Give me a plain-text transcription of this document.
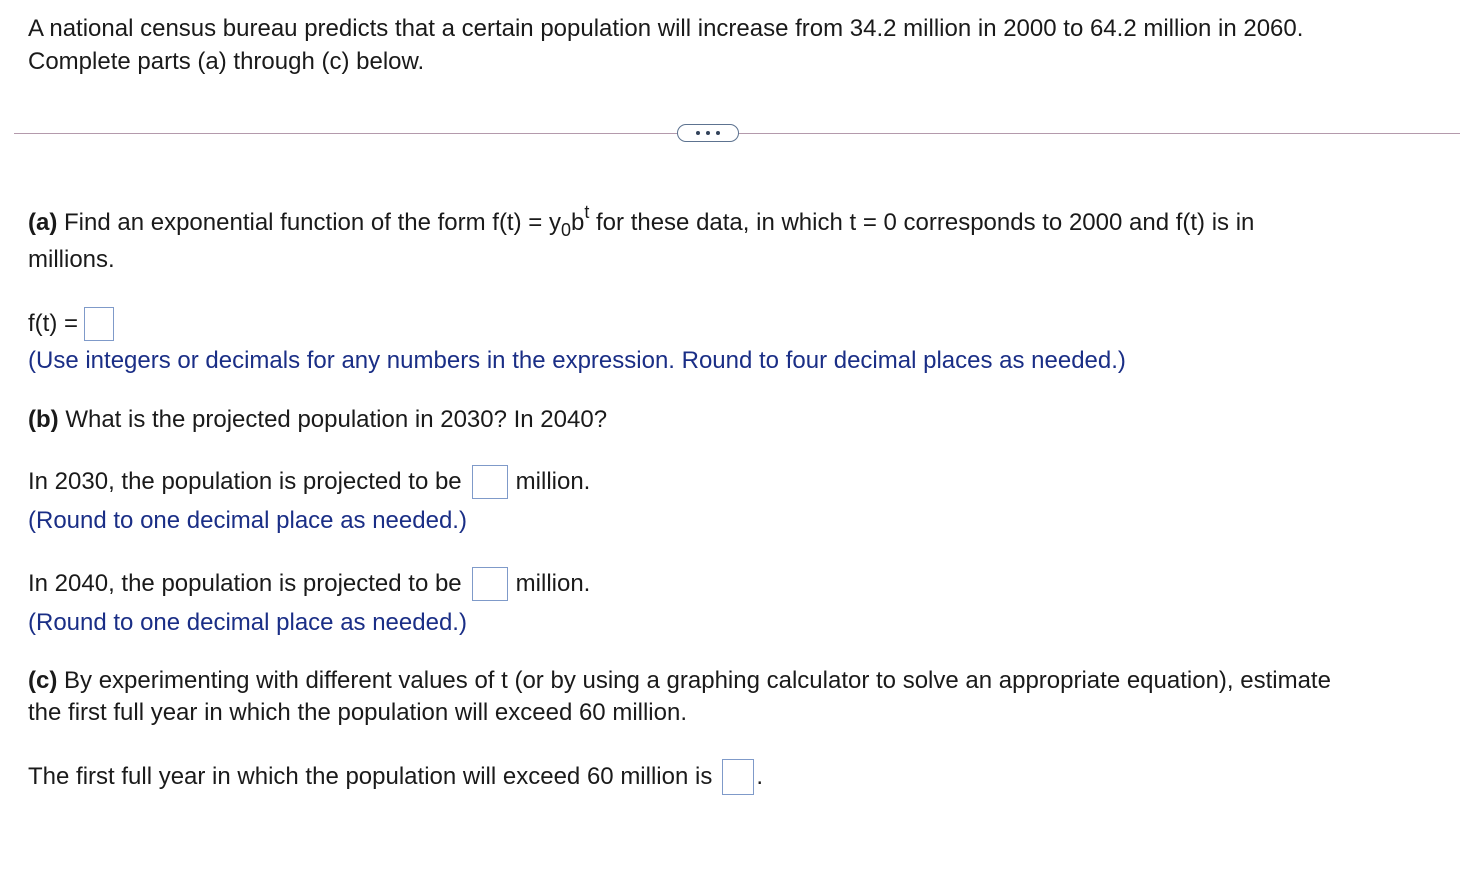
A national census bureau predicts that a certain population will increase from 34.2 million in 2000 to 64.2 million in 2060.
Complete parts (a) through (c) below.
(a) Find an exponential function of the form $f(t) = y_0b^t$ for these data, in which t = 0 corresponds to 2000 and f(t) is in
millions.
f(t) =
(Use integers or decimals for any numbers in the expression. Round to four decimal places as needed.)
(b) What is the projected population in 2030? In 2040?
In 2030, the population is projected to be million.
(Round to one decimal place as needed.)
In 2040, the population is projected to be million.
(Round to one decimal place as needed.)
(c) By experimenting with different values of t (or by using a graphing calculator to solve an appropriate equation), estimate
the first full year in which the population will exceed 60 million.
The first full year in which the population will exceed 60 million is .
